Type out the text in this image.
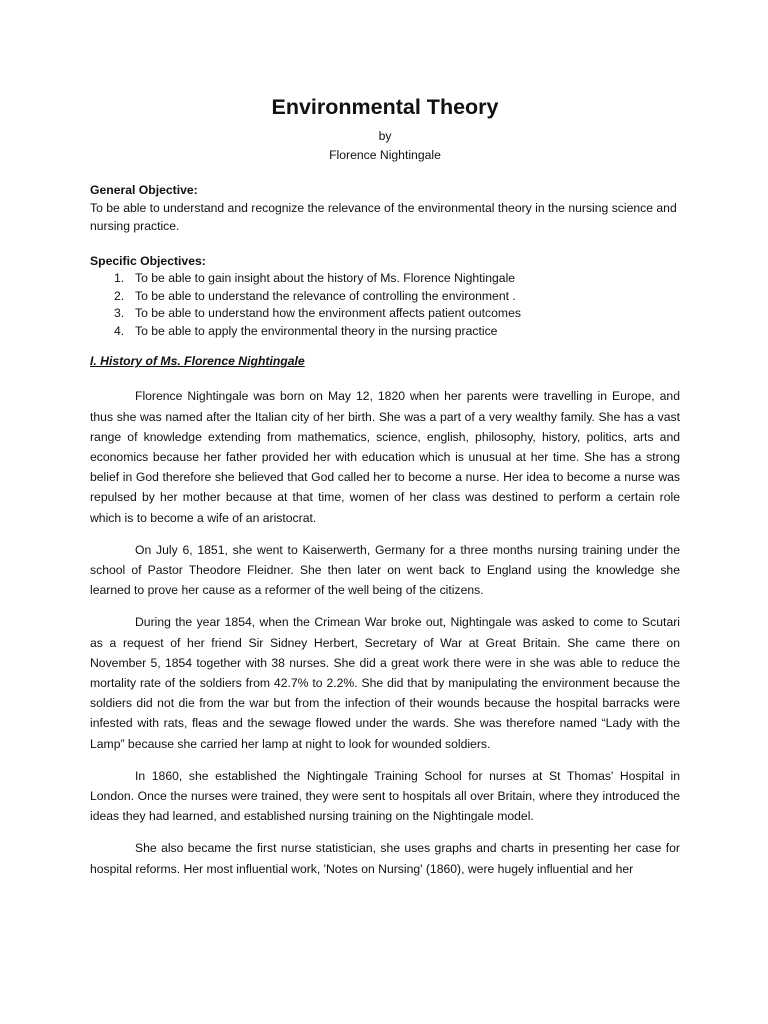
Environmental Theory

by

Florence Nightingale

General Objective:

To be able to understand and recognize the relevance of the environmental theory in the nursing science and nursing practice.

Specific Objectives:
1. To be able to gain insight about the history of Ms. Florence Nightingale
2. To be able to understand the relevance of controlling the environment .
3. To be able to understand how the environment affects patient outcomes
4. To be able to apply the environmental theory in the nursing practice
I. History of Ms. Florence Nightingale

Florence Nightingale was born on May 12, 1820 when her parents were travelling in Europe, and thus she was named after the Italian city of her birth. She was a part of a very wealthy family. She has a vast range of knowledge extending from mathematics, science, english, philosophy, history, politics, arts and economics because her father provided her with education which is unusual at her time. She has a strong belief in God therefore she believed that God called her to become a nurse. Her idea to become a nurse was repulsed by her mother because at that time, women of her class was destined to perform a certain role which is to become a wife of an aristocrat.

On July 6, 1851, she went to Kaiserwerth, Germany for a three months nursing training under the school of Pastor Theodore Fleidner. She then later on went back to England using the knowledge she learned to prove her cause as a reformer of the well being of the citizens.

During the year 1854, when the Crimean War broke out, Nightingale was asked to come to Scutari as a request of her friend Sir Sidney Herbert, Secretary of War at Great Britain. She came there on November 5, 1854 together with 38 nurses. She did a great work there were in she was able to reduce the mortality rate of the soldiers from 42.7% to 2.2%. She did that by manipulating the environment because the soldiers did not die from the war but from the infection of their wounds because the hospital barracks were infested with rats, fleas and the sewage flowed under the wards. She was therefore named “Lady with the Lamp” because she carried her lamp at night to look for wounded soldiers.

In 1860, she established the Nightingale Training School for nurses at St Thomas' Hospital in London. Once the nurses were trained, they were sent to hospitals all over Britain, where they introduced the ideas they had learned, and established nursing training on the Nightingale model.

She also became the first nurse statistician, she uses graphs and charts in presenting her case for hospital reforms. Her most influential work, 'Notes on Nursing' (1860), were hugely influential and her
